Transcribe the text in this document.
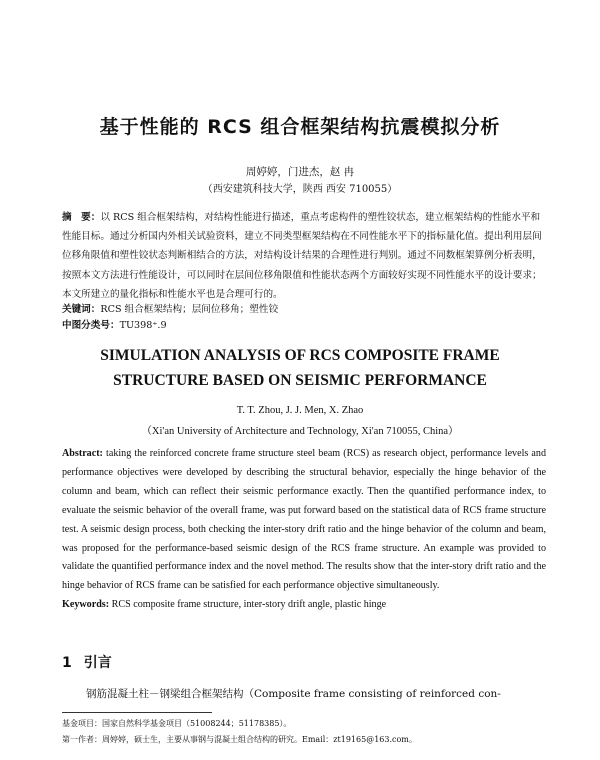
基于性能的 RCS 组合框架结构抗震模拟分析
周婷婷，门进杰，赵 冉
（西安建筑科技大学，陕西 西安 710055）
摘　要：以 RCS 组合框架结构，对结构性能进行描述，重点考虑构件的塑性铰状态，建立框架结构的性能水平和性能目标。通过分析国内外相关试验资料，建立不同类型框架结构在不同性能水平下的指标量化值。提出利用层间位移角限值和塑性铰状态判断相结合的方法，对结构设计结果的合理性进行判别。通过不同数框架算例分析表明，按照本文方法进行性能设计，可以同时在层间位移角限值和性能状态两个方面较好实现不同性能水平的设计要求；本文所建立的量化指标和性能水平也是合理可行的。
关键词：RCS 组合框架结构；层间位移角；塑性铰
中图分类号：TU398⁺.9
SIMULATION ANALYSIS OF RCS COMPOSITE FRAME
STRUCTURE BASED ON SEISMIC PERFORMANCE
T. T. Zhou, J. J. Men, X. Zhao
（Xi'an University of Architecture and Technology, Xi'an 710055, China）
Abstract: taking the reinforced concrete frame structure steel beam (RCS) as research object, performance levels and performance objectives were developed by describing the structural behavior, especially the hinge behavior of the column and beam, which can reflect their seismic performance exactly. Then the quantified performance index, to evaluate the seismic behavior of the overall frame, was put forward based on the statistical data of RCS frame structure test. A seismic design process, both checking the inter-story drift ratio and the hinge behavior of the column and beam, was proposed for the performance-based seismic design of the RCS frame structure. An example was provided to validate the quantified performance index and the novel method. The results show that the inter-story drift ratio and the hinge behavior of RCS frame can be satisfied for each performance objective simultaneously.
Keywords: RCS composite frame structure, inter-story drift angle, plastic hinge
1 引言
钢筋混凝土柱－钢梁组合框架结构（Composite frame consisting of reinforced con-
基金项目：国家自然科学基金项目（51008244；51178385）。
第一作者：周婷婷，硕士生，主要从事钢与混凝土组合结构的研究。Email：zt19165@163.com。
